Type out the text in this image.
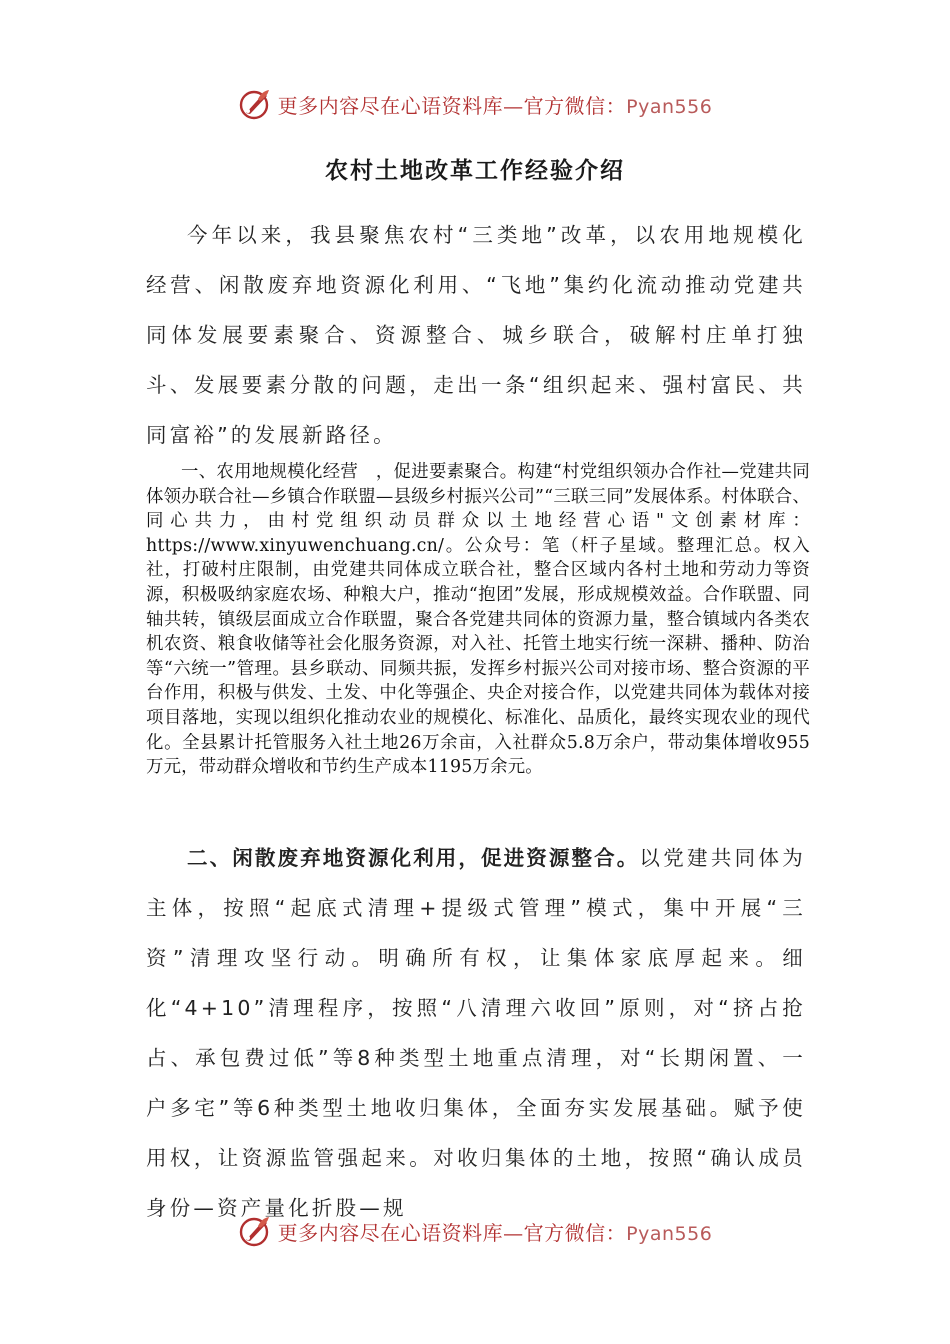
更多内容尽在心语资料库—官方微信：Pyan556
农村土地改革工作经验介绍

今年以来，我县聚焦农村“三类地”改革，以农用地规模化经营、闲散废弃地资源化利用、“飞地”集约化流动推动党建共同体发展要素聚合、资源整合、城乡联合，破解村庄单打独斗、发展要素分散的问题，走出一条“组织起来、强村富民、共同富裕”的发展新路径。

一、农用地规模化经营　，促进要素聚合。构建“村党组织领办合作社—党建共同体领办联合社—乡镇合作联盟—县级乡村振兴公司”“三联三同”发展体系。村体联合、同心共力，由村党组织动员群众以土地经营心语"文创素材库：https://www.xinyuwenchuang.cn/。公众号：笔（杆子星域。整理汇总。权入社，打破村庄限制，由党建共同体成立联合社，整合区域内各村土地和劳动力等资源，积极吸纳家庭农场、种粮大户，推动“抱团”发展，形成规模效益。合作联盟、同轴共转，镇级层面成立合作联盟，聚合各党建共同体的资源力量，整合镇域内各类农机农资、粮食收储等社会化服务资源，对入社、托管土地实行统一深耕、播种、防治等“六统一”管理。县乡联动、同频共振，发挥乡村振兴公司对接市场、整合资源的平台作用，积极与供发、土发、中化等强企、央企对接合作，以党建共同体为载体对接项目落地，实现以组织化推动农业的规模化、标准化、品质化，最终实现农业的现代化。全县累计托管服务入社土地26万余亩，入社群众5.8万余户，带动集体增收955万元，带动群众增收和节约生产成本1195万余元。

二、闲散废弃地资源化利用，促进资源整合。以党建共同体为主体，按照“起底式清理+提级式管理”模式，集中开展“三资”清理攻坚行动。明确所有权，让集体家底厚起来。细化“4+10”清理程序，按照“八清理六收回”原则，对“挤占抢占、承包费过低”等8种类型土地重点清理，对“长期闲置、一户多宅”等6种类型土地收归集体，全面夯实发展基础。赋予使用权，让资源监管强起来。对收归集体的土地，按照“确认成员身份—资产量化折股—规

更多内容尽在心语资料库—官方微信：Pyan556
